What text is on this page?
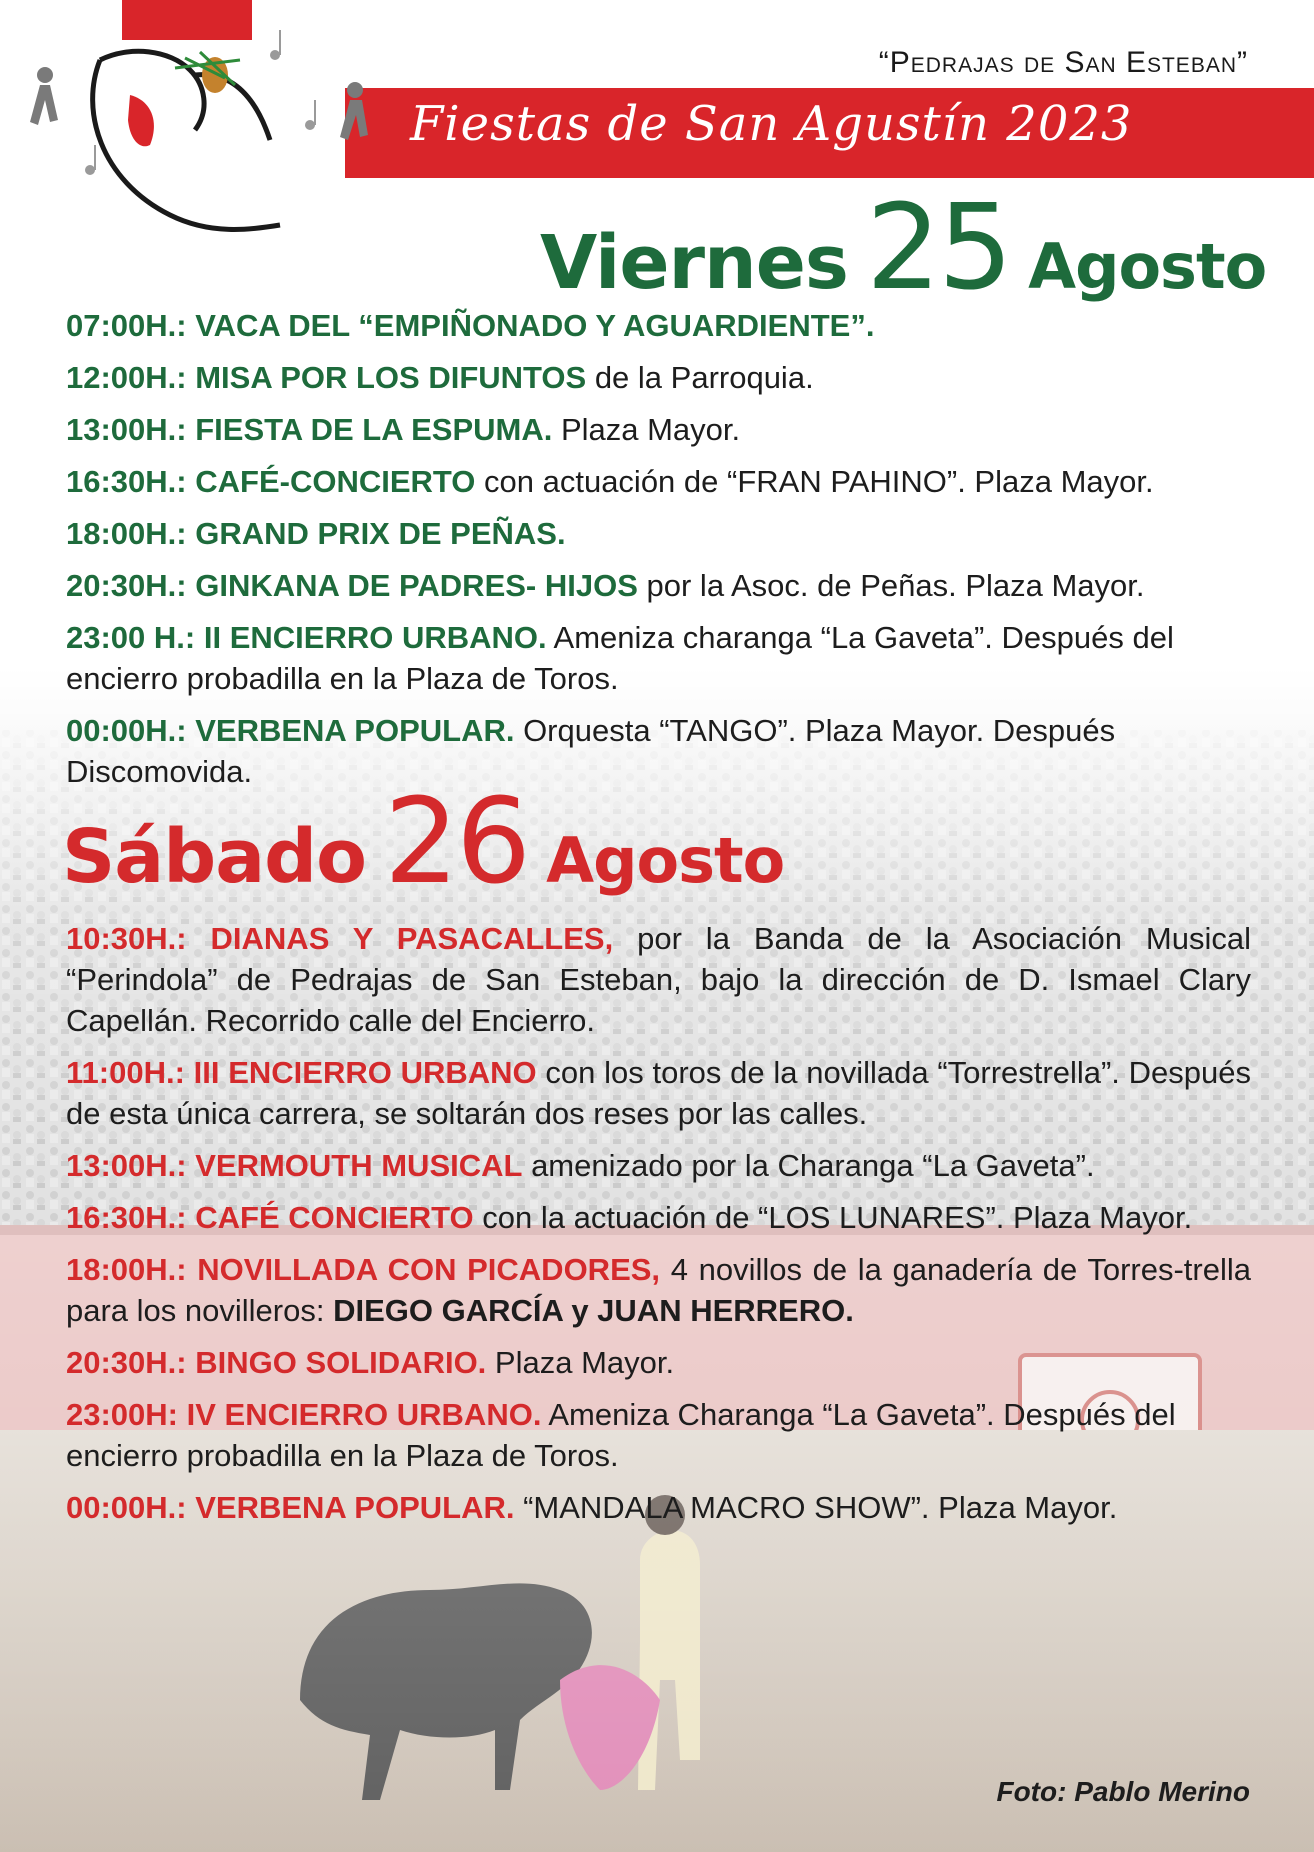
Fiestas de San Agustín 2023
“Pedrajas de San Esteban”
Viernes 25 Agosto
07:00H.: VACA DEL “EMPIÑONADO Y AGUARDIENTE”.
12:00H.: MISA POR LOS DIFUNTOS de la Parroquia.
13:00H.: FIESTA DE LA ESPUMA. Plaza Mayor.
16:30H.: CAFÉ-CONCIERTO con actuación de “FRAN PAHINO”. Plaza Mayor.
18:00H.: GRAND PRIX DE PEÑAS.
20:30H.: GINKANA DE PADRES- HIJOS por la Asoc. de Peñas. Plaza Mayor.
23:00 H.: II ENCIERRO URBANO. Ameniza charanga “La Gaveta”. Después del encierro probadilla en la Plaza de Toros.
00:00H.: VERBENA POPULAR. Orquesta “TANGO”. Plaza Mayor. Después Discomovida.
Sábado 26 Agosto
10:30H.: DIANAS Y PASACALLES, por la Banda de la Asociación Musical “Perindola” de Pedrajas de San Esteban, bajo la dirección de D. Ismael Clary Capellán. Recorrido calle del Encierro.
11:00H.: III ENCIERRO URBANO con los toros de la novillada “Torrestrella”. Después de esta única carrera, se soltarán dos reses por las calles.
13:00H.: VERMOUTH MUSICAL amenizado por la Charanga “La Gaveta”.
16:30H.: CAFÉ CONCIERTO con la actuación de “LOS LUNARES”. Plaza Mayor.
18:00H.: NOVILLADA CON PICADORES, 4 novillos de la ganadería de Torres-trella para los novilleros: DIEGO GARCÍA y JUAN HERRERO.
20:30H.: BINGO SOLIDARIO. Plaza Mayor.
23:00H: IV ENCIERRO URBANO. Ameniza Charanga “La Gaveta”. Después del encierro probadilla en la Plaza de Toros.
00:00H.: VERBENA POPULAR. “MANDALA MACRO SHOW”. Plaza Mayor.
Foto: Pablo Merino
